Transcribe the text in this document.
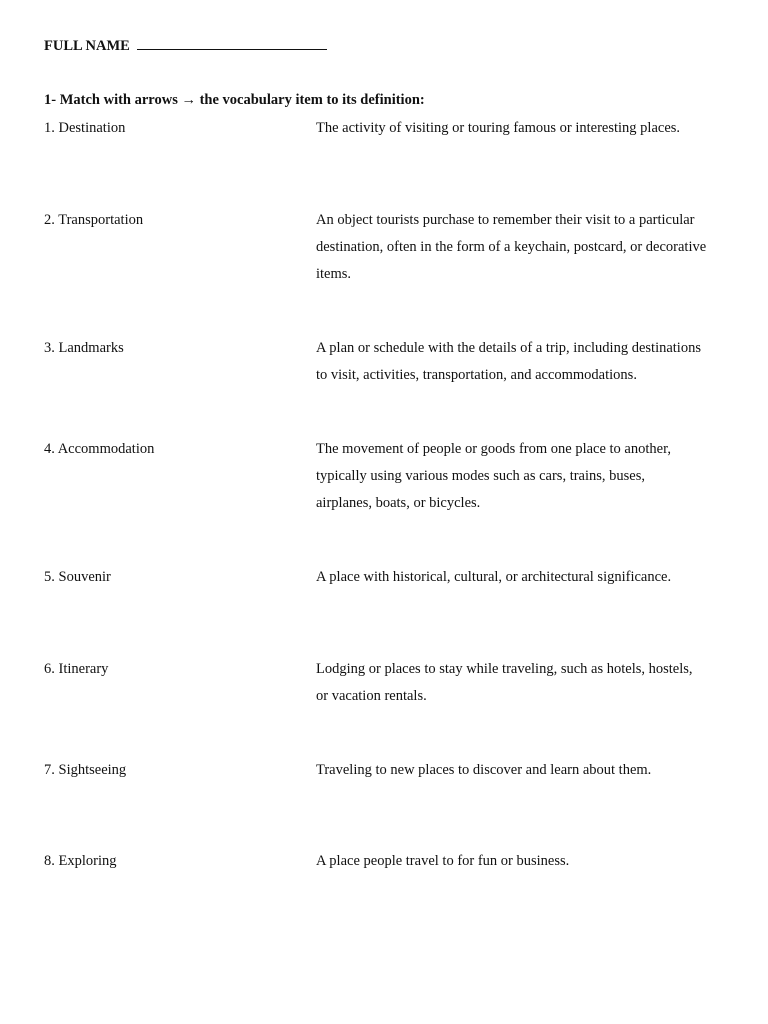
FULL NAME
1- Match with arrows → the vocabulary item to its definition:
1. Destination	The activity of visiting or touring famous or interesting places.
2. Transportation	An object tourists purchase to remember their visit to a particular
destination, often in the form of a keychain, postcard, or decorative
items.
3. Landmarks	A plan or schedule with the details of a trip, including destinations
to visit, activities, transportation, and accommodations.
4. Accommodation	The movement of people or goods from one place to another,
typically using various modes such as cars, trains, buses,
airplanes, boats, or bicycles.
5. Souvenir	A place with historical, cultural, or architectural significance.
6. Itinerary	Lodging or places to stay while traveling, such as hotels, hostels,
or vacation rentals.
7. Sightseeing	Traveling to new places to discover and learn about them.
8. Exploring	A place people travel to for fun or business.
